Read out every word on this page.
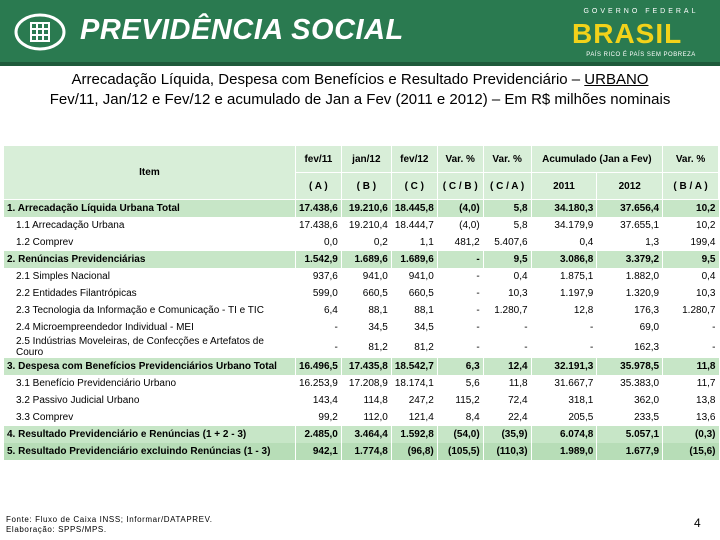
PREVIDÊNCIA SOCIAL
GOVERNO FEDERAL
BRASIL
PAÍS RICO É PAÍS SEM POBREZA
Arrecadação Líquida, Despesa com Benefícios e Resultado Previdenciário – URBANO
Fev/11, Jan/12 e Fev/12 e acumulado de Jan a Fev (2011 e 2012) – Em R$ milhões nominais
Item	fev/11	jan/12	fev/12	Var. %	Var. %	Acumulado (Jan a Fev)		Var. %
	( A )	( B )	( C )	( C / B )	( C / A )	2011	2012	( B / A )
1. Arrecadação Líquida Urbana Total	17.438,6	19.210,6	18.445,8	(4,0)	5,8	34.180,3	37.656,4	10,2
1.1 Arrecadação Urbana	17.438,6	19.210,4	18.444,7	(4,0)	5,8	34.179,9	37.655,1	10,2
1.2 Comprev	0,0	0,2	1,1	481,2	5.407,6	0,4	1,3	199,4
2. Renúncias Previdenciárias	1.542,9	1.689,6	1.689,6	-	9,5	3.086,8	3.379,2	9,5
2.1 Simples Nacional	937,6	941,0	941,0	-	0,4	1.875,1	1.882,0	0,4
2.2 Entidades Filantrópicas	599,0	660,5	660,5	-	10,3	1.197,9	1.320,9	10,3
2.3 Tecnologia da Informação e Comunicação - TI e TIC	6,4	88,1	88,1	-	1.280,7	12,8	176,3	1.280,7
2.4 Microempreendedor Individual - MEI	-	34,5	34,5	-	-	-	69,0	-
2.5 Indústrias Moveleiras, de Confecções e Artefatos de Couro	-	81,2	81,2	-	-	-	162,3	-
3. Despesa com Benefícios Previdenciários Urbano Total	16.496,5	17.435,8	18.542,7	6,3	12,4	32.191,3	35.978,5	11,8
3.1 Benefício Previdenciário Urbano	16.253,9	17.208,9	18.174,1	5,6	11,8	31.667,7	35.383,0	11,7
3.2 Passivo Judicial Urbano	143,4	114,8	247,2	115,2	72,4	318,1	362,0	13,8
3.3 Comprev	99,2	112,0	121,4	8,4	22,4	205,5	233,5	13,6
4. Resultado Previdenciário e Renúncias (1 + 2 - 3)	2.485,0	3.464,4	1.592,8	(54,0)	(35,9)	6.074,8	5.057,1	(0,3)
5. Resultado Previdenciário excluindo Renúncias (1 - 3)	942,1	1.774,8	(96,8)	(105,5)	(110,3)	1.989,0	1.677,9	(15,6)
Fonte: Fluxo de Caixa INSS; Informar/DATAPREV.
Elaboração: SPPS/MPS.	4
